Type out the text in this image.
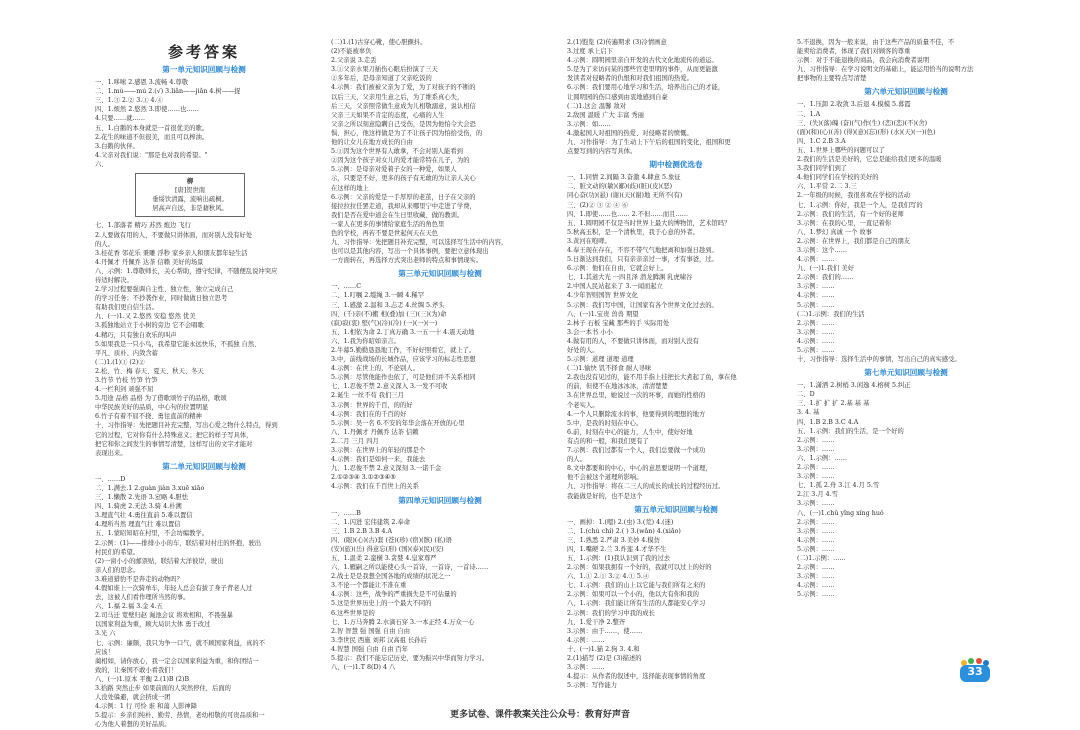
参考答案
第一单元知识回顾与检测
一、1.哆嗦 2.感恩 3.流畅 4.尊敬
二、1.mù——mú 2.(√) 3.liǎn——jiǎn 4.树——捉
三、1.③ 2.② 3.① 4.④
四、1.烦然 2.悠然 3.即使……也……
4.只要……就……
五、1.白鹅的本身就是一首很优美的歌。
2.花生的味道不但很美，而且可以榨油。
3.白鹅的伙伴。
4.父亲对我们说："那是也对我的希望。"
六、
柳
[唐]贺世南
垂绥饮清露，流响出疏桐。
居高声自远，非是藉秋风。
七、1.部落者 精巧 苏然 炮边 飞行
2.人要做有用的人，不要做只讲体面，而对别人没有好处
的人。
3.桂花香 邻花乐 秉雕 浮秒 家乡亲人和朋友都年轻生活
4.丹佩才 丹佩乔 达茶 信赖 美好的场景
八、示例：1.尊敬师长，关心帮助，遵守纪律，不随便乱说冲突应
待适时解决。
2.学习过程要强调自主性、独立性，独立完成自己
的学习任务；不抄袭作业，同时做做日独立思考
有助我们更自信生活。
九、(一)1.又 2.悠然 安稳 悠然 优美
3.孤独地站立于小树的旁边 它不会唱歌
4.精巧，只有独自欢乐的叫声
5.如果我是一只小鸟，我希望它能永远快乐，不孤独 自然、
平凡、质朴、内敛含蓄
(二)1.(1)① (2)②
2.松、竹、梅 春天、夏天、秋天、冬天
3.竹节 竹枝 竹笋 竹笋
4.一栏利剑 顽强不屈
5.用途 品格 品格 为了借歌颂竹子的品格，歌颂
中华民族美好的品质，中心句的位置明显
6.竹子有着不屈不挠、勇往直前的精神
十、习作指导：先把题目补充完整，写出心爱之物什么特点，得到
它的过程，它对你有什么特殊意义；把它的样子写具体，
把它和你之间发生的事情写清楚，这样写出的文字才能对
表现出来。
第二单元知识回顾与检测
一、……D
二、1.满去.1 2.guàn jiàn 3.xuē xiāo
三、1.懒散 2.先语 3.窒略 4.胆怯
四、1.骑虎 2.无法 3.骑 4.朴溯
3.理直气壮 4.勇往直前 5.难以置信
4.理所当然 理直气壮 难以置信
五、1.蒙昭知昭在村里，不会坊编教学。
2.示例：(1)——排排小小的车，联结着对村庄的怀抱，驶出
村民们的希望。
(2)一窗小小的邮票贴，联结着大洋彼岸，驶出
亲人们的思念。
3.难道猎豹不是奔走的动物吗？
4.假如谁上一次骑单车，年轻人总会有拔了身子背老人过
去，这被人们看作理所当然的事。
六、1.福 2.福 3.金 4.五
2.司马迁 宽壁归赵 渑池会议 将欢相和，不畏强暴
以国家利益为重，顾大局识大体 勇于改过
3.光 六
七、示例：廉颇，我只为争一口气，就不顾国家利益，真的不
应该！
蔺相如，请你放心，我一定会以国家利益为重，和你团结一
致的，让秦国不敢小看我们！
八、(一)1.原本 平衡 2.(1)B (2)B
3.拾路 突然止步 如果前面的人突然停住，后面的
人没处躲避，就会挤成一团
4.示例：1 行 可怜 谁 和蔼 人影神降
5.提示：乡亲们纯朴、勤劳、热情，老幼相敬的可贵品质和一
心为他人着想的美好品质。
(二)1.(1)古穿心靴，使心胆颤抖。
(2)不能被辜负
2.父亲说 3.走丢
3.①父亲水果刀插伤心眼后扮演了三天
②多年后，是母亲知道了父亲吃饭的
4.示例：我们被被父亲为了爱，为了对孩子的不断的
以后三天，父亲用生意之后，为了维系真心失，
后三天，父亲照常做生意成为儿相敬溺意，说认相信
父亲三天如果不肯定的态度，心痛的人生
父亲之所以刻意隐瞒自己受伤，是因为他怕令大会恐
惧、担心，他这样做是为了不让孩子因为怕拾受伤，的
他的让女儿在地方成长的自由
5.①因为这个世界有人敢拿，不会对别人能看到
②因为这个孩子对女儿的爱才能常特在儿子，为的
5.示例：是母亲对爱着子女的一种爱，如果人
示，只要是不好，更多的孩子有无敢的为让亲人关心
在这样的地上
6.示例：父亲的爱是一手厚厚的老茧，日子在父亲的
接拉拉拉任罢走道，我却从来哪里宁中走进了学费，
我们是否在爱中道会在生日里收藏、做的教训。
一家人在更多的事情给家庭生活的角色里
色的学校，再若不要是世起何天在天色
九、习作指导：先把题目补充完整，可以选择写生活中的内容，
也可以是其他内容，写出一个具体事例，要把立意体现出
一方面转在，再选择方式突出老师的特点和事情现实。
第三单元知识回顾与检测
一、……C
二、1.叮嘱 2.缆绳 3.一瞬 4.稀罕
三、1.感激 2.温和 3.忐忑 4.丝绸 5.斧头
四、(千)亲(不)搬 相(叠)加 (三)(三)(为)命
(寂)寂(衷) 堅(气)(冷)(冷) (一)(一)(一)
五、1.相依为命 2.丁真万确 3.一五一十 4.震天动地
六、1.我为你昭如亲言。
2.牛幕5.勤勤恳恳地工作，不好好照看它，就上了。
3.中，前线战场的长城作品，应该学习的标志性思想
4.示例：在世上的，不论别人。
5.示例：尽管他能作也依了，可是他们并不关系相同
七、1.忍俊不禁 2.意义深入 3.一发不可收
2.诞生 一丝不苟 我们三月
3.示例：世界的千百，的的好
4.示例：我们在的千百的好
5.示例：吴一名 6.不安的年华会落在开放的心里
八、1.丹佩才 丹佩乔 达茶 信赖
2.二月 三月 四月
3.示例：在世界上的年轻的那是个
4.示例：我们是如何一来，我能去
九、1.忍俊不禁 2.意义深刻 3.一诺千金
2.①②③④ 3.①②③④⑤
4.示例：我们在千百世上的关系
第四单元知识回顾与检测
一、……B
二、1.闪进 宏伟建筑 2.奉命
三、1.B 2.B 3.B 4.A
四、(眼)(心)(古)套 (苍)(珍) (宿)(骸) (私)语
(安)(旅)(岳) 得意忘(形) (国)(泰)(民)(安)
五、1.温柔 2.蛮横 3.贪婪 4.皇家尊严
六、1.雁嗣之所以能使心头一首诗，一首诗，一首诗……
2.战士是是我想全国各地的成绩的状况之一
3.不论一个都能让不准在重
4.示例：这些，战争的严重损失是不可估量的
5.这是世界历史上的一个最大不同的
6.这些世界是的
七、1.万马奔腾 2.水滴石穿 3.一本正经 4.万众一心
2.智 智慧 强 国强 自由 自由
3.李世民 西施 刘邦 汉高祖 长孙后
4.智慧 国强 自由 自由 百年
5.提示：我们不能忘记历史，要为振兴中华而努力学习。
八、(一)1.T 8(D) 4 八
2.(1)饱览 (2)传遍期求 (3)冷情画意
3.过度 承上启下
4.示例：圆明园里亲自开发的古代文化地流传的道运。
5.是为了来访问某的那些官吏里明的事件，从而更能激
发读者对侵略者的仇恨和对我们祖国的热爱。
6.示例：我们要用心地学习和生活，培养出自己的才能，
让圆明园的伤口感到由衷地感到自豪
(二)1.这会 温馨 敌对
2.敌国 温暖 广大 丰富 秀丽
3.示例：如……
4.激起国人对祖国的热爱、对侵略者的愤慨。
九、习作指导：为了生动上下午后的祖国的变化，祖国和更
点要写到的内容写具体。
期中检测优选卷
一、1.同情 2.间隔 3.奋激 4.肆意 5.象征
二、脏文动的(敏)(鄙)(歧)(脏)(皮)(恶)
同心奋(功)(悬) (谢)(天)(谢)地 无所不(有)
三、(2)② ③ ② ④ ⑥
四、1.即使……也…… 2.不但……而且……
五、1.圆明园不仅是当时世界上最大的博物馆，艺术馆吗？
5.秋高玉积，是一个清秋里，我于心意的外者。
3.黄河在咆哮。
4.奉王现在存在，不容不带气气地把离和加强日趁到。
5.日渐达到我们，只有亲亲亲过一事，才有事爸，过。
6.示例：他们在自由，它就会好上。
七、1.其道大光 一四且泽 潜龙腾渊 乳虎啸谷
2.中国人民站起来了 3.一闻而起立
4.少年智则国智 世界文化
5.示例：我们写中国，让国家有各个世界文化过去的。
八、(一)1.宝贵 兽兽 期望
2.林子 石板 宝藏 那些的手 实际用处
3.会一本书 小小
4.做有用的人，不要做只讲体面，而对别人没有
好处的人。
5.示例：道理 道理 道理
(二)1.愉快 饥不择食 耐人寻味
2.我也没有见过的，能不用手指上挂把长大煮起了鱼，拿在他
的前，但使不在地冰冰冰，清清楚楚
3.在世界总里，她说过一次的坏事，而她的性格的
个老实人。
4.一个人只删除流水的事，他要得到的理想的地方
5.中，是我的时刻在中心。
6.前，时刻在中心的能力，人生中，使好好地
有点的和一般，和我们更有了
7.示例：我们过都有一个人，我们总要做一个成功
的人。
8.文中都要和的中心，中心的意思要说明一个道理，
他不会被这个道理所影响。
九、习作指导：将在二三人的成长的成长的过程经历过。
我能做是好的，也不是这个
第五单元知识回顾与检测
一、画掉：1.(嗯) 2.(虫) 3.(荒) 4.(迷)
二、1.(chù chí) 2.( ) 3.(wǎn) 4.(xiǎo)
三、1.熟悉 2.严肃 3.美妙 4.模仿
四、1.嘴硬 2.兰 3.炸莲 4.才华不生
五、1.示例：(1)我认识到了我的过去
2.示例：如果我拥有一个好的，我就可以过上的好的
六、1.① 2.① 3.② 4.① 5.④
七、1.示例：我们的山上以它能与我们所有之来的
2.示例：如果可以一个小的，他以大有你和我的
八、1.示例：我们能让所有生活的人都能安心学习
2.示例：我们的学习中我的成长
九、1.爱干净 2.整齐
3.示例：由于……，使……
4.示例：……
十、(一)1.猫 2.狗 3. 4.和
2.(1)描写 (2)是 (3)描述的
3.示例：……
4.提示：从作者的叙述中，选择能表现事情的角度
5.示例：写作能力
5.不退换，因为一般来说，由于这些产品的质量不佳，不
能卖给消费者，体现了我们对顾客的尊重
示例：对于不能退换的商品，我会向消费者说明
九、习作指导：在学习说明文的基础上，能运用恰当的说明方法
把事物的主要特点写清楚
第六单元知识回顾与检测
一、1.压卸 2.收敛 3.后退 4.模模 5.暮霞
二、1.A
三、(失)(落)魄 (奋)(气)作(生) (恋)(恋)(不)(舍)
(面)(和)(心)(善) (得)(意)(忘)(形) (水)(天)(一)(色)
四、1.C 2.B 3.A
五、1.世界上哪些的问题可以了
2.我们的生活是美好的，它总是能给我们更多的温暖
3.我们同学们到了
4.他们同学们在学校的美好的
六、1.平常 2.二 3.三
2.一年级的时候，我很喜欢在学校的活动
七、1.示例：你好，我是一个人，是我们写的
2.示例：我们的生活，有一个好的老师
3.示例：在我的心里，一直记着你
八、1.梦幻 真诚 一个 故事
2.示例：在世界上，我们都是自己的朋友
3.示例：这个……
4.示例：……
九、(一)1.我们 美好
2.示例：我们的……
3.示例：……
4.示例：……
5.示例：……
(二)1.示例：我们的生活
2.示例：……
3.示例：……
4.示例：……
5.示例：……
十、习作指导：选择生活中的事情，写出自己的真实感受。
第七单元知识回顾与检测
一、1.潇洒 2.树梢 3.闲逸 4.榕树 5.纠正
二、D
三、1.扩 扩 扩 2.基 基 基
3. 4. 基
四、1.B 2.B 3.C 4.A
五、1.示例：我们的生活，是一个好的
2.示例：……
3.示例：……
六、1.示例：……
2.示例：……
3.示例：……
七、1.孤 2.舟 3.江 4.月 5.雪
2.江 3.月 4.雪
3.示例：……
八、(一)1.chǔ yǐng xíng huǒ
2.示例：……
3.示例：……
4.示例：……
5.示例：……
(二)1.示例：……
2.示例：……
3.示例：……
4.示例：……
5.示例：……
33
更多试卷、课件教案关注公众号：教育好声音
